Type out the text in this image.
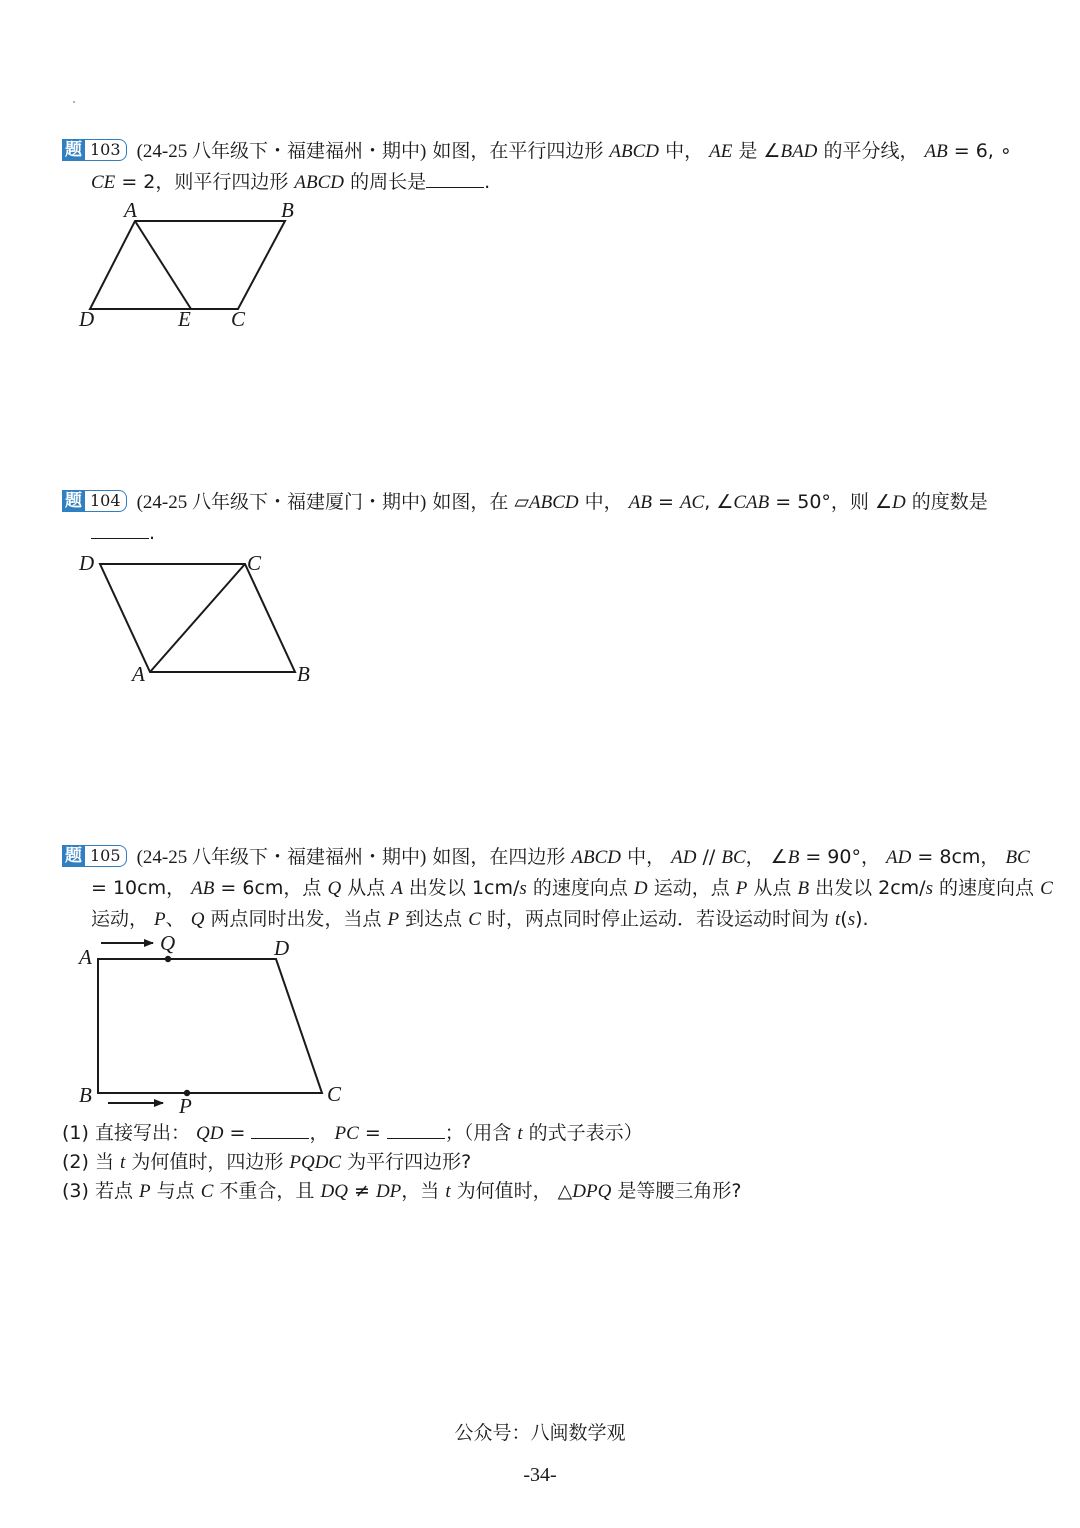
题 103 (24-25 八年级下・福建福州・期中) 如图，在平行四边形 ABCD 中， AE 是 ∠BAD 的平分线， AB = 6, ∘
CE = 2，则平行四边形 ABCD 的周长是	.
A	B
D	E C
题 104 (24-25 八年级下・福建厦门・期中) 如图，在 ▱ABCD 中， AB = AC, ∠CAB = 50°，则 ∠D 的度数是
.
D	C
A	B
题 105 (24-25 八年级下・福建福州・期中) 如图，在四边形 ABCD 中， AD // BC， ∠B = 90°， AD = 8cm， BC
= 10cm， AB = 6cm，点 Q 从点 A 出发以 1cm/s 的速度向点 D 运动，点 P 从点 B 出发以 2cm/s 的速度向点 C
运动， P、 Q 两点同时出发，当点 P 到达点 C 时，两点同时停止运动．若设运动时间为 t(s).
A
Q	D
B	P	C
(1) 直接写出： QD =	， PC =	；（用含 t 的式子表示）
(2) 当 t 为何值时，四边形 PQDC 为平行四边形?
(3) 若点 P 与点 C 不重合，且 DQ ≠ DP，当 t 为何值时， △DPQ 是等腰三角形?
公众号：八闽数学观
-34-
